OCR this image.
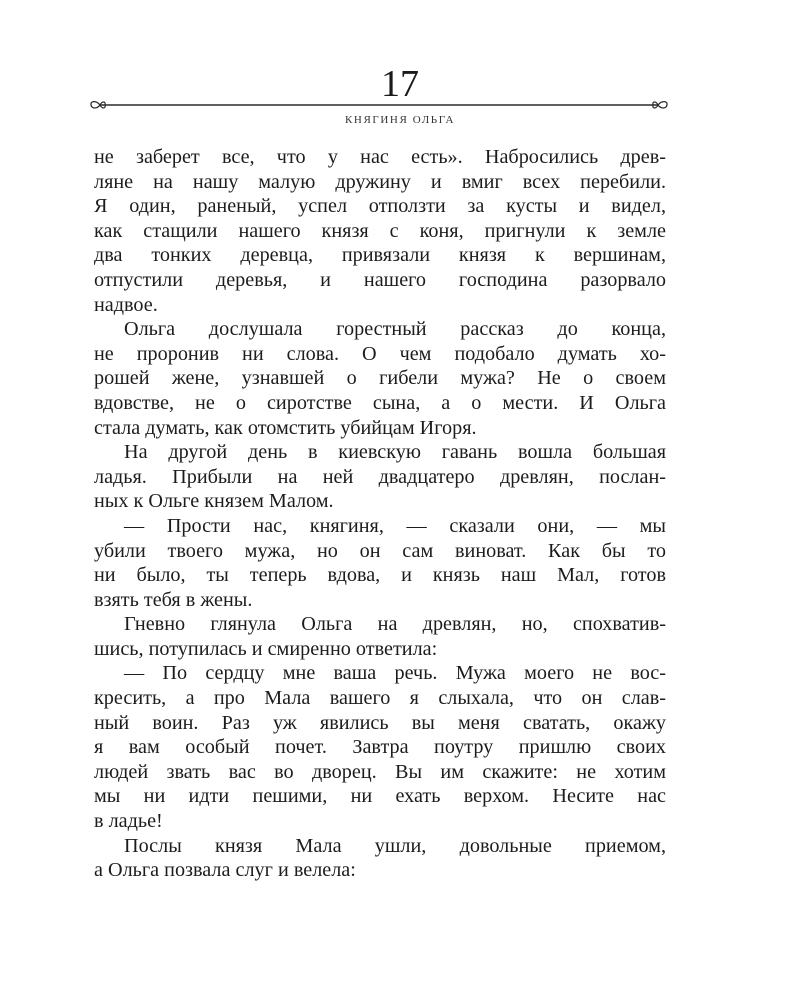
17
КНЯГИНЯ ОЛЬГА
не заберет все, что у нас есть». Набросились древ-
ляне на нашу малую дружину и вмиг всех перебили.
Я один, раненый, успел отползти за кусты и видел,
как стащили нашего князя с коня, пригнули к земле
два тонких деревца, привязали князя к вершинам,
отпустили деревья, и нашего господина разорвало
надвое.
Ольга дослушала горестный рассказ до конца,
не проронив ни слова. О чем подобало думать хо-
рошей жене, узнавшей о гибели мужа? Не о своем
вдовстве, не о сиротстве сына, а о мести. И Ольга
стала думать, как отомстить убийцам Игоря.
На другой день в киевскую гавань вошла большая
ладья. Прибыли на ней двадцатеро древлян, послан-
ных к Ольге князем Малом.
— Прости нас, княгиня, — сказали они, — мы
убили твоего мужа, но он сам виноват. Как бы то
ни было, ты теперь вдова, и князь наш Мал, готов
взять тебя в жены.
Гневно глянула Ольга на древлян, но, спохватив-
шись, потупилась и смиренно ответила:
— По сердцу мне ваша речь. Мужа моего не вос-
кресить, а про Мала вашего я слыхала, что он слав-
ный воин. Раз уж явились вы меня сватать, окажу
я вам особый почет. Завтра поутру пришлю своих
людей звать вас во дворец. Вы им скажите: не хотим
мы ни идти пешими, ни ехать верхом. Несите нас
в ладье!
Послы князя Мала ушли, довольные приемом,
а Ольга позвала слуг и велела:
